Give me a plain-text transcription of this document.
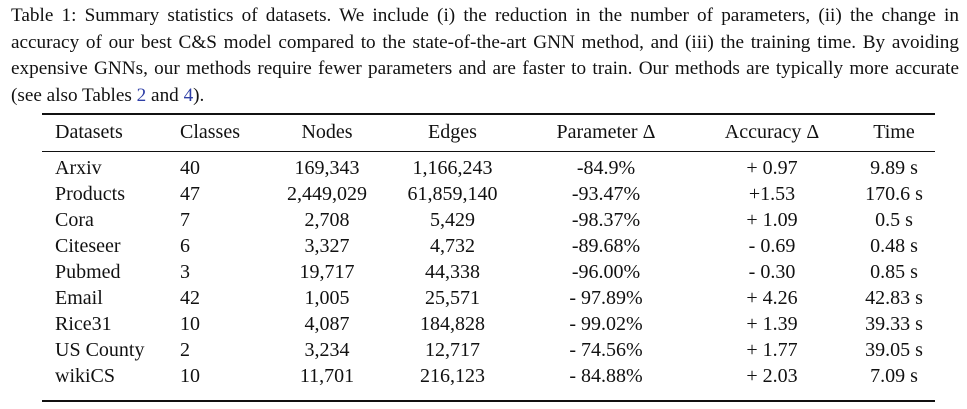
Table 1: Summary statistics of datasets. We include (i) the reduction in the number of parameters, (ii) the change in accuracy of our best C&S model compared to the state-of-the-art GNN method, and (iii) the training time. By avoiding expensive GNNs, our methods require fewer parameters and are faster to train. Our methods are typically more accurate (see also Tables 2 and 4).
Datasets	Classes	Nodes	Edges	Parameter Δ	Accuracy Δ	Time
Arxiv	40	169,343	1,166,243	-84.9%	+ 0.97	9.89 s
Products	47	2,449,029	61,859,140	-93.47%	+1.53	170.6 s
Cora	7	2,708	5,429	-98.37%	+ 1.09	0.5 s
Citeseer	6	3,327	4,732	-89.68%	- 0.69	0.48 s
Pubmed	3	19,717	44,338	-96.00%	- 0.30	0.85 s
Email	42	1,005	25,571	- 97.89%	+ 4.26	42.83 s
Rice31	10	4,087	184,828	- 99.02%	+ 1.39	39.33 s
US County	2	3,234	12,717	- 74.56%	+ 1.77	39.05 s
wikiCS	10	11,701	216,123	- 84.88%	+ 2.03	7.09 s
